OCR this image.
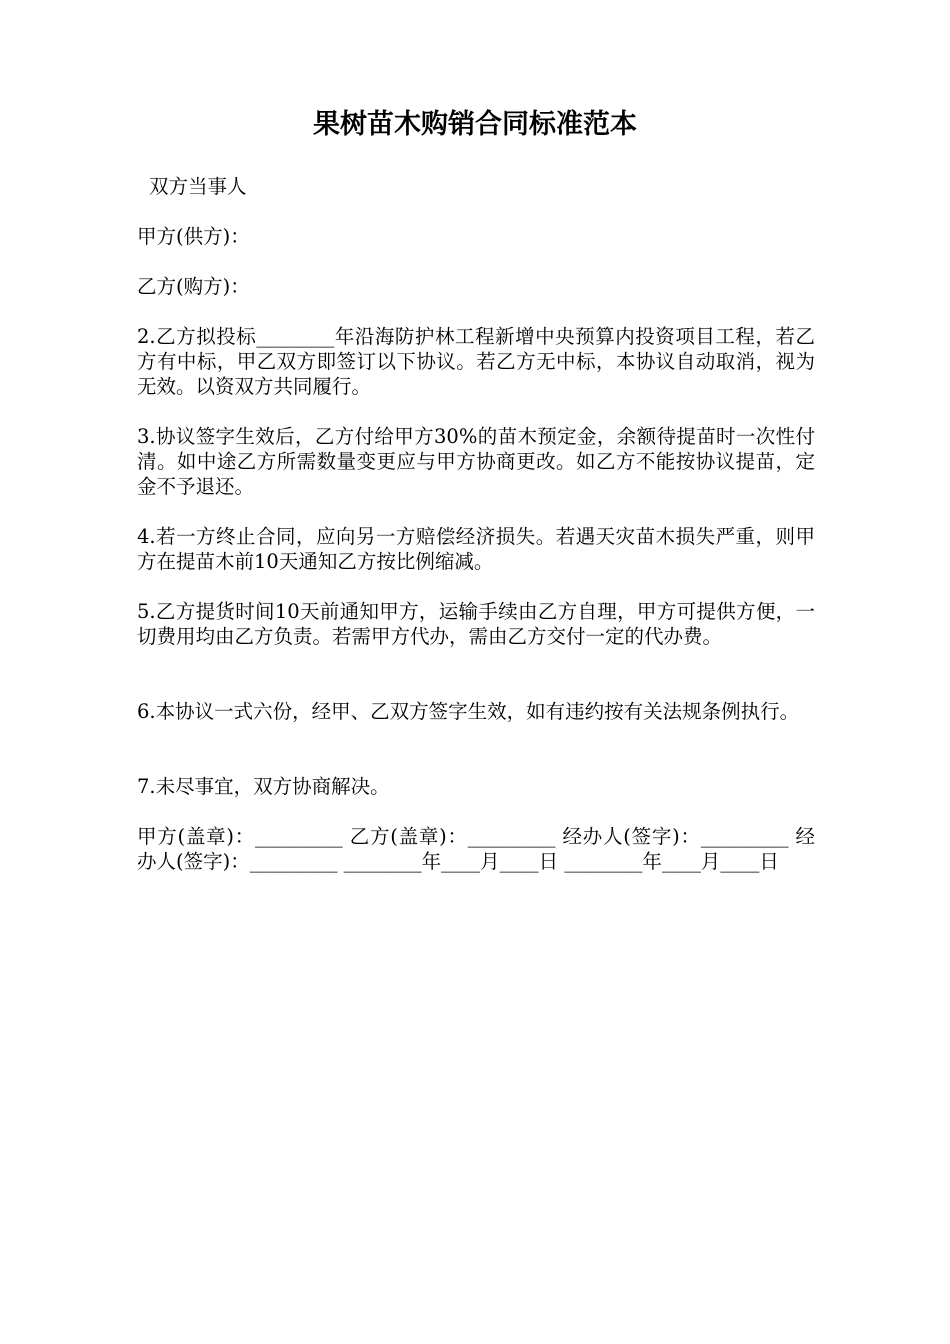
果树苗木购销合同标准范本

双方当事人

甲方(供方)：

乙方(购方)：

2.乙方拟投标________年沿海防护林工程新增中央预算内投资项目工程，若乙方有中标，甲乙双方即签订以下协议。若乙方无中标，本协议自动取消，视为无效。以资双方共同履行。

3.协议签字生效后，乙方付给甲方30%的苗木预定金，余额待提苗时一次性付清。如中途乙方所需数量变更应与甲方协商更改。如乙方不能按协议提苗，定金不予退还。

4.若一方终止合同，应向另一方赔偿经济损失。若遇天灾苗木损失严重，则甲方在提苗木前10天通知乙方按比例缩减。

5.乙方提货时间10天前通知甲方，运输手续由乙方自理，甲方可提供方便，一切费用均由乙方负责。若需甲方代办，需由乙方交付一定的代办费。

6.本协议一式六份，经甲、乙双方签字生效，如有违约按有关法规条例执行。

7.未尽事宜，双方协商解决。

甲方(盖章)：_________ 乙方(盖章)：_________ 经办人(签字)：_________ 经办人(签字)：_________ ________年____月____日 ________年____月____日
